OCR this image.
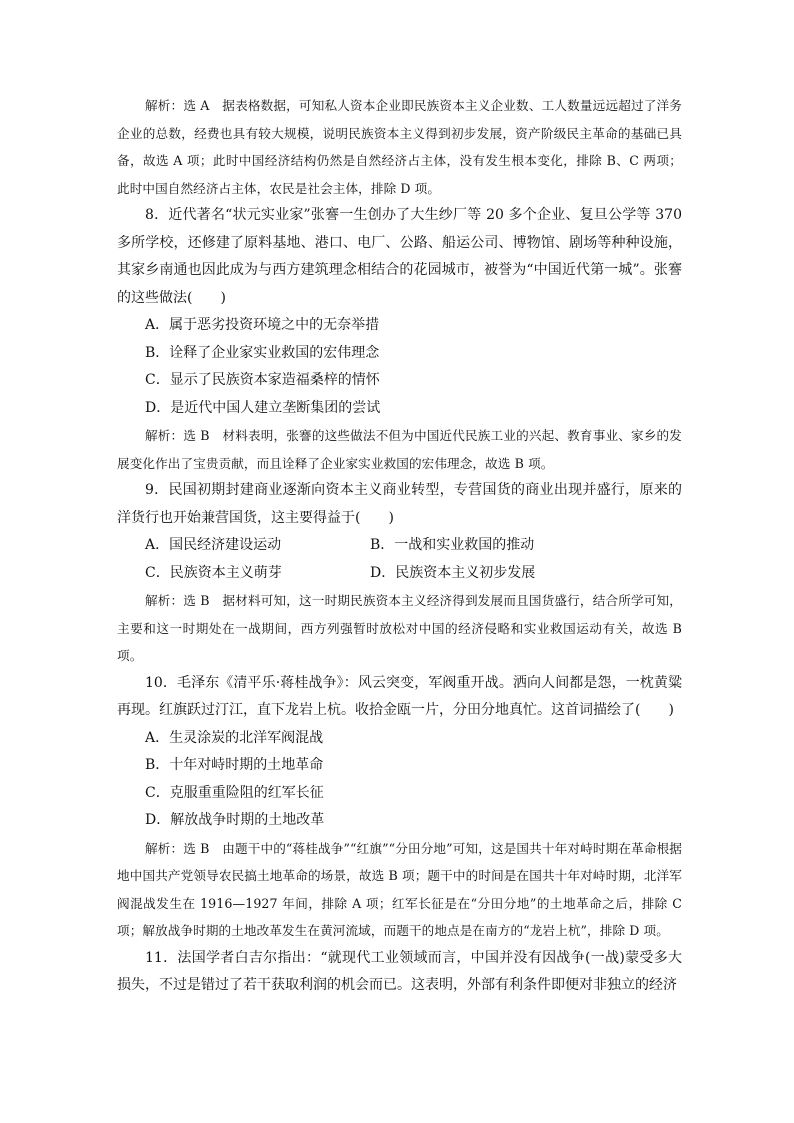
解析：选 A　据表格数据，可知私人资本企业即民族资本主义企业数、工人数量远远超过了洋务企业的总数，经费也具有较大规模，说明民族资本主义得到初步发展，资产阶级民主革命的基础已具备，故选 A 项；此时中国经济结构仍然是自然经济占主体，没有发生根本变化，排除 B、C 两项；此时中国自然经济占主体，农民是社会主体，排除 D 项。

8．近代著名“状元实业家”张謇一生创办了大生纱厂等 20 多个企业、复旦公学等 370 多所学校，还修建了原料基地、港口、电厂、公路、船运公司、博物馆、剧场等种种设施，其家乡南通也因此成为与西方建筑理念相结合的花园城市，被誉为“中国近代第一城”。张謇的这些做法(　　)

A．属于恶劣投资环境之中的无奈举措

B．诠释了企业家实业救国的宏伟理念

C．显示了民族资本家造福桑梓的情怀

D．是近代中国人建立垄断集团的尝试

解析：选 B　材料表明，张謇的这些做法不但为中国近代民族工业的兴起、教育事业、家乡的发展变化作出了宝贵贡献，而且诠释了企业家实业救国的宏伟理念，故选 B 项。

9．民国初期封建商业逐渐向资本主义商业转型，专营国货的商业出现并盛行，原来的洋货行也开始兼营国货，这主要得益于(　　)

A．国民经济建设运动	B．一战和实业救国的推动
C．民族资本主义萌芽	D．民族资本主义初步发展

解析：选 B　据材料可知，这一时期民族资本主义经济得到发展而且国货盛行，结合所学可知，主要和这一时期处在一战期间，西方列强暂时放松对中国的经济侵略和实业救国运动有关，故选 B 项。

10．毛泽东《清平乐·蒋桂战争》：风云突变，军阀重开战。洒向人间都是怨，一枕黄粱再现。红旗跃过汀江，直下龙岩上杭。收拾金瓯一片，分田分地真忙。这首词描绘了(　　)

A．生灵涂炭的北洋军阀混战

B．十年对峙时期的土地革命

C．克服重重险阻的红军长征

D．解放战争时期的土地改革

解析：选 B　由题干中的“蒋桂战争”“红旗”“分田分地”可知，这是国共十年对峙时期在革命根据地中国共产党领导农民搞土地革命的场景，故选 B 项；题干中的时间是在国共十年对峙时期，北洋军阀混战发生在 1916—1927 年间，排除 A 项；红军长征是在“分田分地”的土地革命之后，排除 C 项；解放战争时期的土地改革发生在黄河流域，而题干的地点是在南方的“龙岩上杭”，排除 D 项。

11．法国学者白吉尔指出：“就现代工业领域而言，中国并没有因战争(一战)蒙受多大损失，不过是错过了若干获取利润的机会而已。这表明，外部有利条件即便对非独立的经济
